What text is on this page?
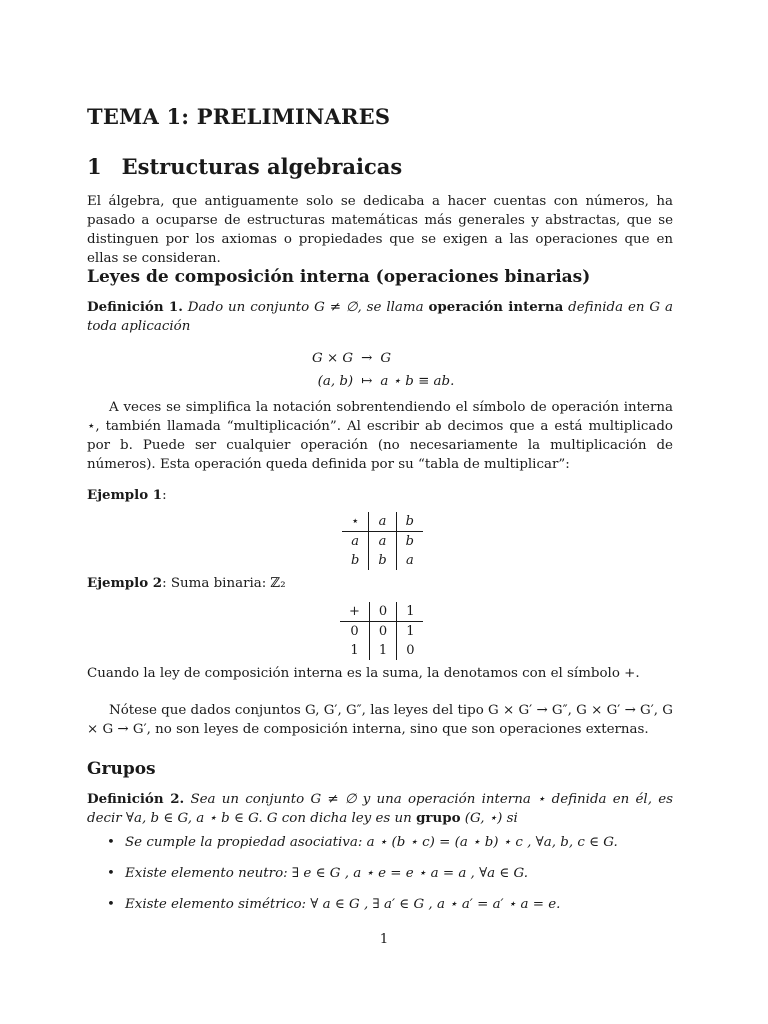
TEMA 1: PRELIMINARES
1 Estructuras algebraicas
El álgebra, que antiguamente solo se dedicaba a hacer cuentas con números, ha pasado a ocuparse de estructuras matemáticas más generales y abstractas, que se distinguen por los axiomas o propiedades que se exigen a las operaciones que en ellas se consideran.
Leyes de composición interna (operaciones binarias)
Definición 1. Dado un conjunto G ≠ ∅, se llama operación interna definida en G a toda aplicación
G × G	→	G
(a, b)	↦	a ⋆ b ≡ ab.
A veces se simplifica la notación sobrentendiendo el símbolo de operación interna ⋆, también llamada “multiplicación”. Al escribir ab decimos que a está multiplicado por b. Puede ser cualquier operación (no necesariamente la multiplicación de números). Esta operación queda definida por su “tabla de multiplicar”:
Ejemplo 1:
⋆	a	b
a	a	b
b	b	a
Ejemplo 2: Suma binaria: ℤ₂
+	0	1
0	0	1
1	1	0
Cuando la ley de composición interna es la suma, la denotamos con el símbolo +.
Nótese que dados conjuntos G, G′, G″, las leyes del tipo G × G′ → G″, G × G′ → G′, G × G → G′, no son leyes de composición interna, sino que son operaciones externas.
Grupos
Definición 2. Sea un conjunto G ≠ ∅ y una operación interna ⋆ definida en él, es decir ∀a, b ∈ G, a ⋆ b ∈ G. G con dicha ley es un grupo (G, ⋆) si
• Se cumple la propiedad asociativa: a ⋆ (b ⋆ c) = (a ⋆ b) ⋆ c , ∀a, b, c ∈ G.
• Existe elemento neutro: ∃ e ∈ G , a ⋆ e = e ⋆ a = a , ∀a ∈ G.
• Existe elemento simétrico: ∀ a ∈ G , ∃ a′ ∈ G , a ⋆ a′ = a′ ⋆ a = e.
1
